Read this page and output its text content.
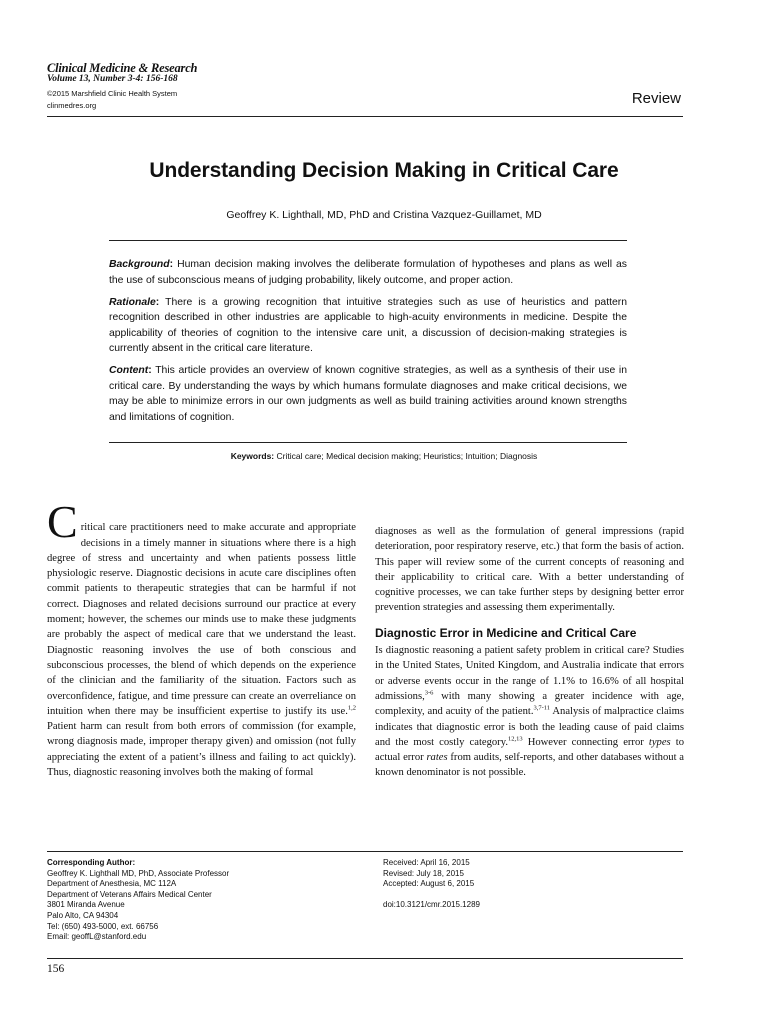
Clinical Medicine & Research
Volume 13, Number 3-4: 156-168
©2015 Marshfield Clinic Health System
clinmedres.org	Review
Understanding Decision Making in Critical Care
Geoffrey K. Lighthall, MD, PhD and Cristina Vazquez-Guillamet, MD

Background: Human decision making involves the deliberate formulation of hypotheses and plans as well as the use of subconscious means of judging probability, likely outcome, and proper action.

Rationale: There is a growing recognition that intuitive strategies such as use of heuristics and pattern recognition described in other industries are applicable to high-acuity environments in medicine. Despite the applicability of theories of cognition to the intensive care unit, a discussion of decision-making strategies is currently absent in the critical care literature.

Content: This article provides an overview of known cognitive strategies, as well as a synthesis of their use in critical care. By understanding the ways by which humans formulate diagnoses and make critical decisions, we may be able to minimize errors in our own judgments as well as build training activities around known strengths and limitations of cognition.

Keywords: Critical care; Medical decision making; Heuristics; Intuition; Diagnosis

Critical care practitioners need to make accurate and appropriate decisions in a timely manner in situations where there is a high degree of stress and uncertainty and when patients possess little physiologic reserve. Diagnostic decisions in acute care disciplines often commit patients to therapeutic strategies that can be harmful if not correct. Diagnoses and related decisions surround our practice at every moment; however, the schemes our minds use to make these judgments are probably the aspect of medical care that we understand the least. Diagnostic reasoning involves the use of both conscious and subconscious processes, the blend of which depends on the experience of the clinician and the familiarity of the situation. Factors such as overconfidence, fatigue, and time pressure can create an overreliance on intuition when there may be insufficient expertise to justify its use.$^{1,2}$ Patient harm can result from both errors of commission (for example, wrong diagnosis made, improper therapy given) and omission (not fully appreciating the extent of a patient’s illness and failing to act quickly). Thus, diagnostic reasoning involves both the making of formal

diagnoses as well as the formulation of general impressions (rapid deterioration, poor respiratory reserve, etc.) that form the basis of action. This paper will review some of the current concepts of reasoning and their applicability to critical care. With a better understanding of cognitive processes, we can take further steps by designing better error prevention strategies and assessing them experimentally.

Diagnostic Error in Medicine and Critical Care

Is diagnostic reasoning a patient safety problem in critical care? Studies in the United States, United Kingdom, and Australia indicate that errors or adverse events occur in the range of 1.1% to 16.6% of all hospital admissions,$^{3-6}$ with many showing a greater incidence with age, complexity, and acuity of the patient.$^{3,7-11}$ Analysis of malpractice claims indicates that diagnostic error is both the leading cause of paid claims and the most costly category.$^{12,13}$ However connecting error types to actual error rates from audits, self-reports, and other databases without a known denominator is not possible.

Corresponding Author:
Geoffrey K. Lighthall MD, PhD, Associate Professor
Department of Anesthesia, MC 112A
Department of Veterans Affairs Medical Center
3801 Miranda Avenue
Palo Alto, CA 94304
Tel: (650) 493-5000, ext. 66756
Email: geoffL@stanford.edu
Received: April 16, 2015
Revised: July 18, 2015
Accepted: August 6, 2015
doi:10.3121/cmr.2015.1289
156
